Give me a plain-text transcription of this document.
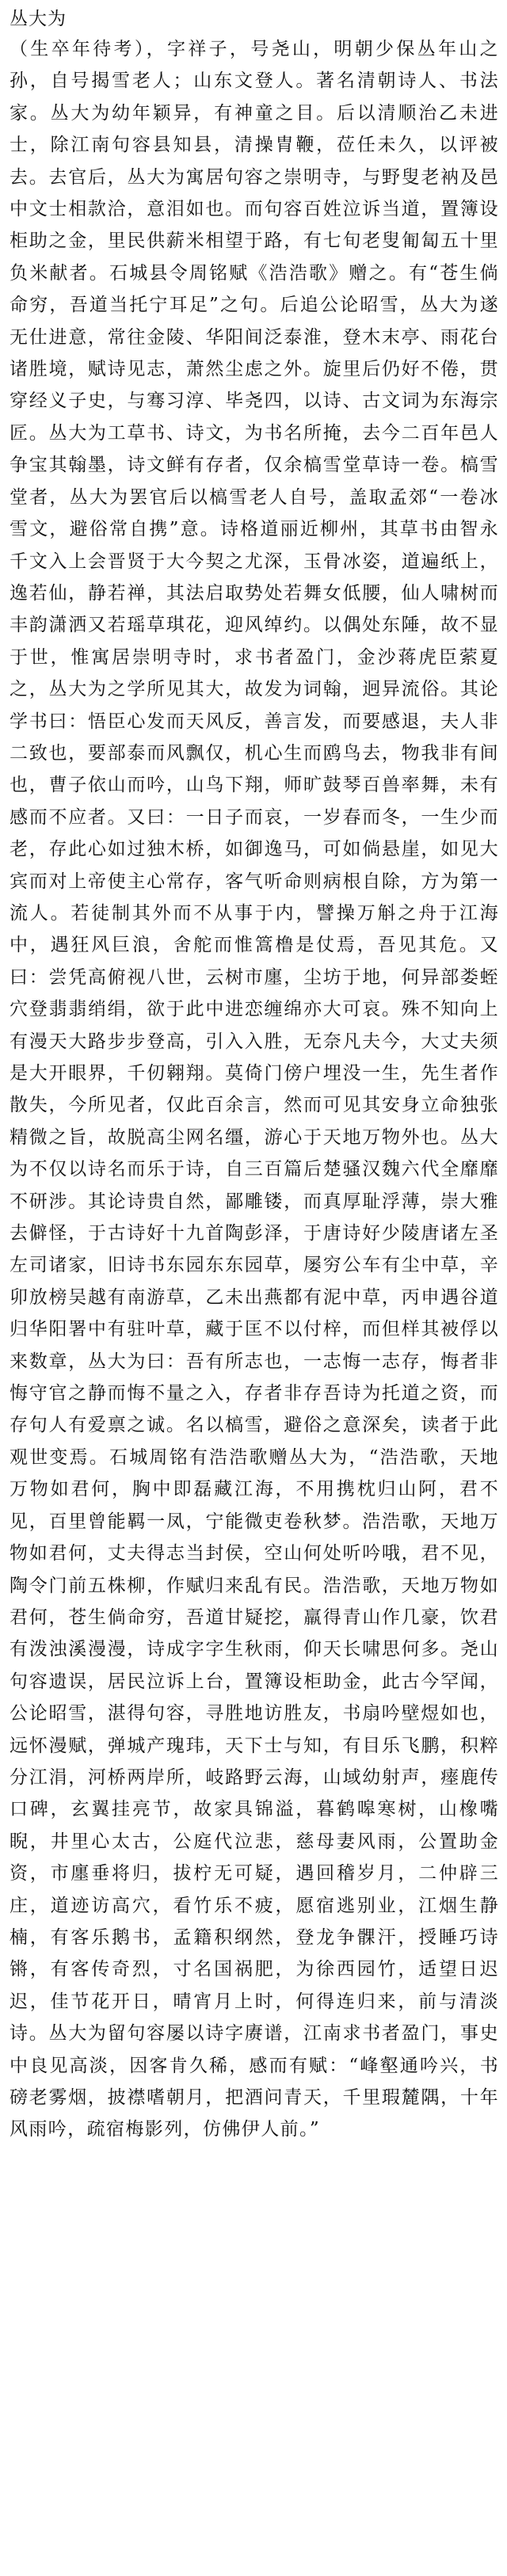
丛大为

（生卒年待考），字祥子，号尧山，明朝少保丛年山之孙，自号揭雪老人；山东文登人。著名清朝诗人、书法家。丛大为幼年颖异，有神童之目。后以清顺治乙未进士，除江南句容县知县，清操胄鞭，莅任未久，以评被去。去官后，丛大为寓居句容之崇明寺，与野叟老衲及邑中文士相款洽，意泪如也。而句容百姓泣诉当道，置簿设柜助之金，里民供薪米相望于路，有七旬老叟匍匐五十里负米献者。石城县令周铭赋《浩浩歌》赠之。有“苍生倘命穷，吾道当托宁耳足”之句。后追公论昭雪，丛大为遂无仕进意，常往金陵、华阳间泛泰淮，登木末亭、雨花台诸胜境，赋诗见志，萧然尘虑之外。旋里后仍好不倦，贯穿经义子史，与骞习淳、毕尧四，以诗、古文词为东海宗匠。丛大为工草书、诗文，为书名所掩，去今二百年邑人争宝其翰墨，诗文鲜有存者，仅余槁雪堂草诗一卷。槁雪堂者，丛大为罢官后以槁雪老人自号，盖取孟郊“一卷冰雪文，避俗常自携”意。诗格道丽近柳州，其草书由智永千文入上会晋贤于大今契之尤深，玉骨冰姿，道遍纸上，逸若仙，静若禅，其法启取势处若舞女低腰，仙人啸树而丰韵潇洒又若瑶草琪花，迎风绰约。以偶处东陲，故不显于世，惟寓居崇明寺时，求书者盈门，金沙蒋虎臣萦夏之，丛大为之学所见其大，故发为词翰，迥异流俗。其论学书曰：悟臣心发而天风反，善言发，而要感退，夫人非二致也，要部泰而风飘仅，机心生而鸥鸟去，物我非有间也，曹子依山而吟，山鸟下翔，师旷鼓琴百兽率舞，未有感而不应者。又曰：一日子而哀，一岁春而冬，一生少而老，存此心如过独木桥，如御逸马，可如倘悬崖，如见大宾而对上帝使主心常存，客气听命则病根自除，方为第一流人。若徒制其外而不从事于内，譬操万斛之舟于江海中，遇狂风巨浪，舍舵而惟篙橹是仗焉，吾见其危。又曰：尝凭高俯视八世，云树市廛，尘坊于地，何异部娄蛭穴登翡翡绡绢，欲于此中进恋缠绵亦大可哀。殊不知向上有漫天大路步步登高，引入入胜，无奈凡夫今，大丈夫须是大开眼界，千仞翱翔。莫倚门傍户埋没一生，先生者作散失，今所见者，仅此百余言，然而可见其安身立命独张精微之旨，故脱高尘网名缰，游心于天地万物外也。丛大为不仅以诗名而乐于诗，自三百篇后楚骚汉魏六代全靡靡不研涉。其论诗贵自然，鄙雕镂，而真厚耻浮薄，崇大雅去僻怪，于古诗好十九首陶彭泽，于唐诗好少陵唐诸左圣左司诸家，旧诗书东园东东园草，屡穷公车有尘中草，辛卯放榜吴越有南游草，乙未出燕都有泥中草，丙申遇谷道归华阳署中有驻叶草，藏于匡不以付梓，而但样其被俘以来数章，丛大为曰：吾有所志也，一志悔一志存，悔者非悔守官之静而悔不量之入，存者非存吾诗为托道之资，而存句人有爱禀之诚。名以槁雪，避俗之意深矣，读者于此观世变焉。石城周铭有浩浩歌赠丛大为，“浩浩歌，天地万物如君何，胸中即磊藏江海，不用携枕归山阿，君不见，百里曾能羁一凤，宁能微吏卷秋梦。浩浩歌，天地万物如君何，丈夫得志当封侯，空山何处听吟哦，君不见，陶令门前五株柳，作赋归来乱有民。浩浩歌，天地万物如君何，苍生倘命穷，吾道甘疑挖，羸得青山作几豪，饮君有泼浊溪漫漫，诗成字字生秋雨，仰天长啸思何多。尧山句容遗误，居民泣诉上台，置簿设柜助金，此古今罕闻，公论昭雪，湛得句容，寻胜地访胜友，书扇吟壁煜如也，远怀漫赋，弹城产瑰玮，天下士与知，有目乐飞鹏，积粹分江涓，河桥两岸所，岐路野云海，山域幼射声，瘗鹿传口碑，玄翼挂亮节，故家具锦溢，暮鹤嗥寒树，山橡嘴睨，井里心太古，公庭代泣悲，慈母妻风雨，公置助金资，市廛垂将归，拔柠无可疑，遇回稽岁月，二仲辟三庄，道迹访高穴，看竹乐不疲，愿宿逃别业，江烟生静楠，有客乐鹅书，孟籍积纲然，登龙争髁汗，授睡巧诗锵，有客传奇烈，寸名国祸肥，为徐西园竹，适望日迟迟，佳节花开日，晴宵月上时，何得连归来，前与清淡诗。丛大为留句容屡以诗字赓谱，江南求书者盈门，事史中良见高淡，因客肯久稀，感而有赋：“峰壑通吟兴，书磅老雾烟，披襟嗜朝月，把酒问青天，千里瑕麓隅，十年风雨吟，疏宿梅影列，仿佛伊人前。”
